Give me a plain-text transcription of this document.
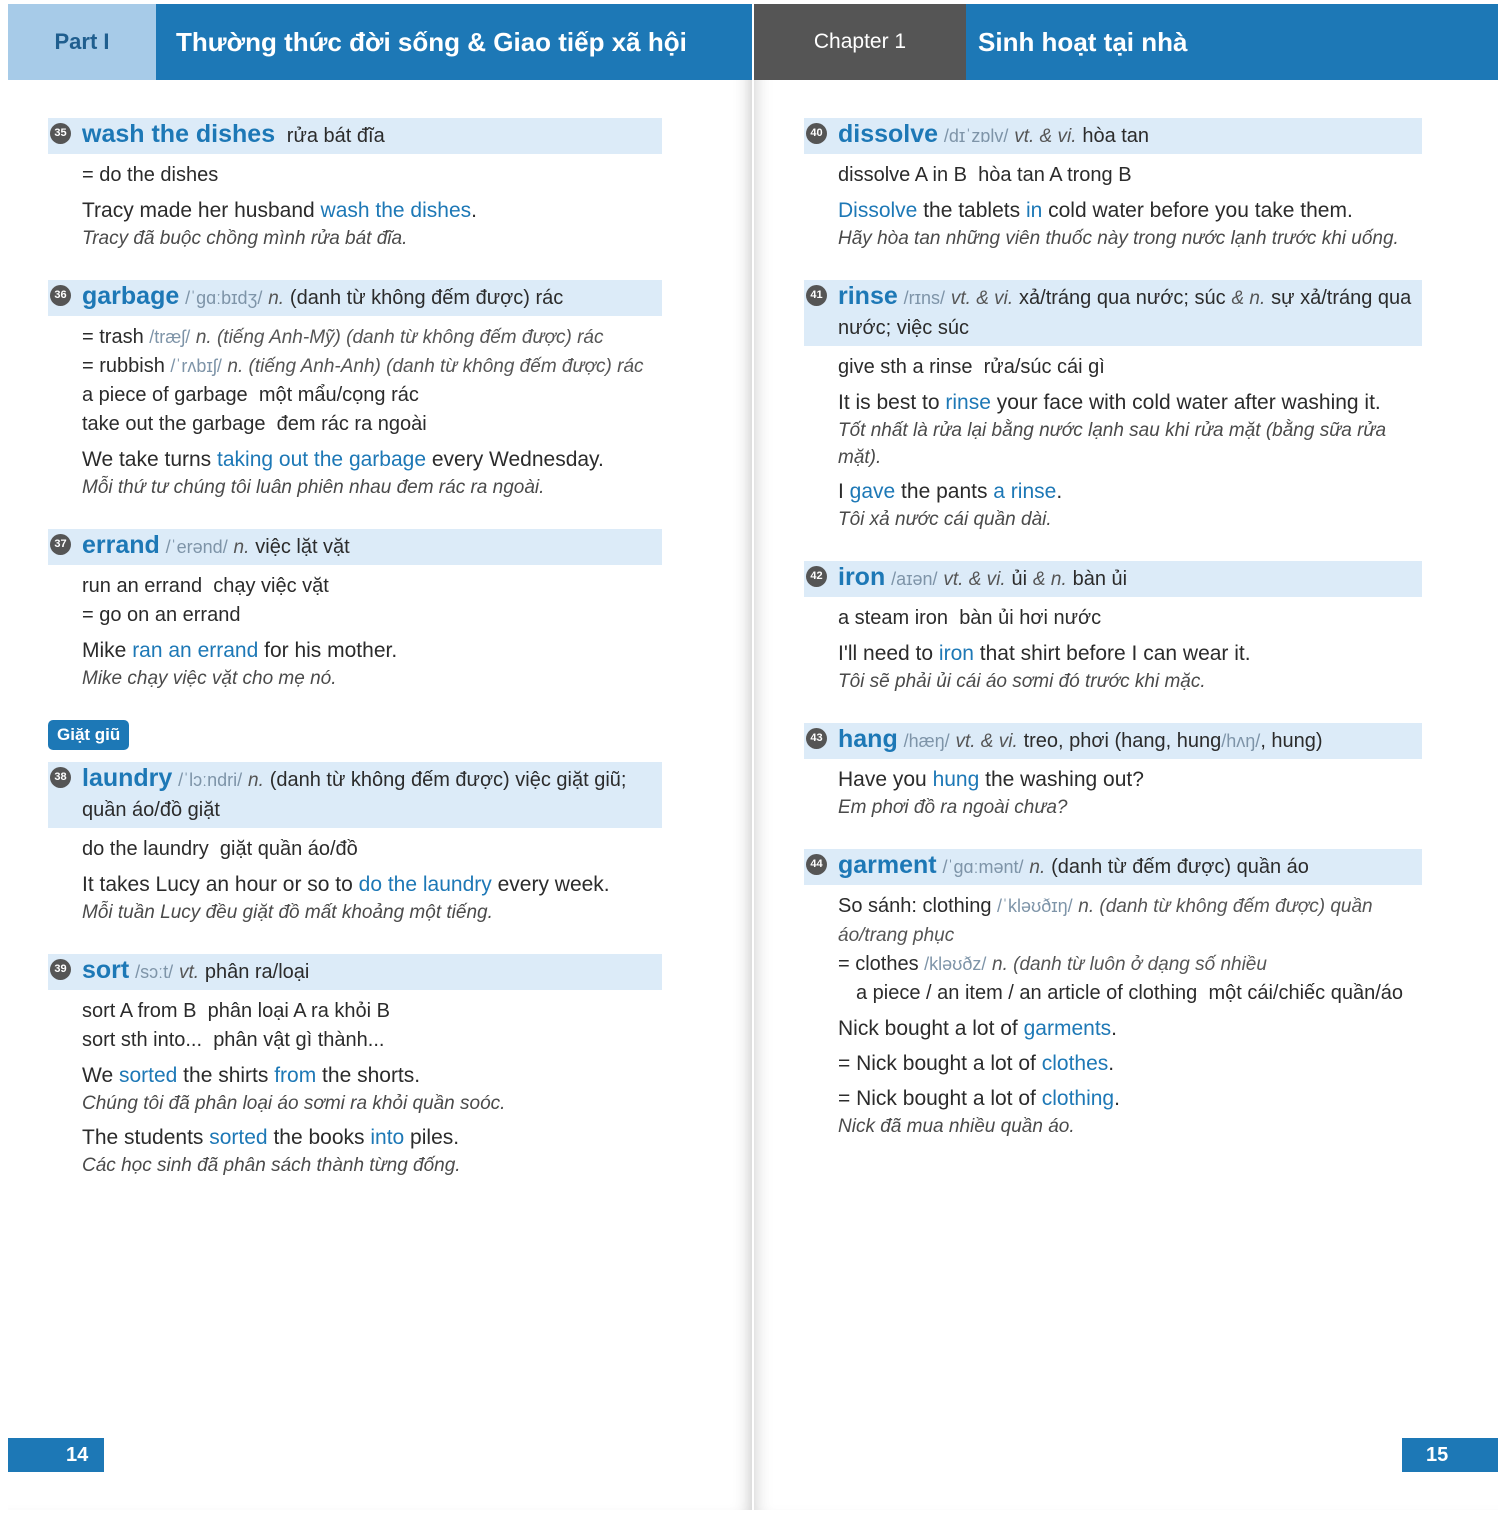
Part I	Thường thức đời sống & Giao tiếp xã hội
35 wash the dishes rửa bát đĩa
= do the dishes
Tracy made her husband wash the dishes.
Tracy đã buộc chồng mình rửa bát đĩa.
36 garbage /ˈɡɑːbɪdʒ/ n. (danh từ không đếm được) rác
= trash /træʃ/ n. (tiếng Anh-Mỹ) (danh từ không đếm được) rác
= rubbish /ˈrʌbɪʃ/ n. (tiếng Anh-Anh) (danh từ không đếm được) rác
a piece of garbage một mẩu/cọng rác
take out the garbage đem rác ra ngoài
We take turns taking out the garbage every Wednesday.
Mỗi thứ tư chúng tôi luân phiên nhau đem rác ra ngoài.
37 errand /ˈerənd/ n. việc lặt vặt
run an errand chạy việc vặt
= go on an errand
Mike ran an errand for his mother.
Mike chạy việc vặt cho mẹ nó.
Giặt giũ
38 laundry /ˈlɔːndri/ n. (danh từ không đếm được) việc giặt giũ; quần áo/đồ giặt
do the laundry giặt quần áo/đồ
It takes Lucy an hour or so to do the laundry every week.
Mỗi tuần Lucy đều giặt đồ mất khoảng một tiếng.
39 sort /sɔːt/ vt. phân ra/loại
sort A from B phân loại A ra khỏi B
sort sth into... phân vật gì thành...
We sorted the shirts from the shorts.
Chúng tôi đã phân loại áo sơmi ra khỏi quần soóc.
The students sorted the books into piles.
Các học sinh đã phân sách thành từng đống.
14
Chapter 1	Sinh hoạt tại nhà
40 dissolve /dɪˈzɒlv/ vt. & vi. hòa tan
dissolve A in B hòa tan A trong B
Dissolve the tablets in cold water before you take them.
Hãy hòa tan những viên thuốc này trong nước lạnh trước khi uống.
41 rinse /rɪns/ vt. & vi. xả/tráng qua nước; súc & n. sự xả/tráng qua nước; việc súc
give sth a rinse rửa/súc cái gì
It is best to rinse your face with cold water after washing it.
Tốt nhất là rửa lại bằng nước lạnh sau khi rửa mặt (bằng sữa rửa mặt).
I gave the pants a rinse.
Tôi xả nước cái quần dài.
42 iron /aɪən/ vt. & vi. ủi & n. bàn ủi
a steam iron bàn ủi hơi nước
I'll need to iron that shirt before I can wear it.
Tôi sẽ phải ủi cái áo sơmi đó trước khi mặc.
43 hang /hæŋ/ vt. & vi. treo, phơi (hang, hung/hʌŋ/, hung)
Have you hung the washing out?
Em phơi đồ ra ngoài chưa?
44 garment /ˈɡɑːmənt/ n. (danh từ đếm được) quần áo
So sánh: clothing /ˈkləʊðɪŋ/ n. (danh từ không đếm được) quần áo/trang phục
= clothes /kləʊðz/ n. (danh từ luôn ở dạng số nhiều
a piece / an item / an article of clothing một cái/chiếc quần/áo
Nick bought a lot of garments.
= Nick bought a lot of clothes.
= Nick bought a lot of clothing.
Nick đã mua nhiều quần áo.
15
